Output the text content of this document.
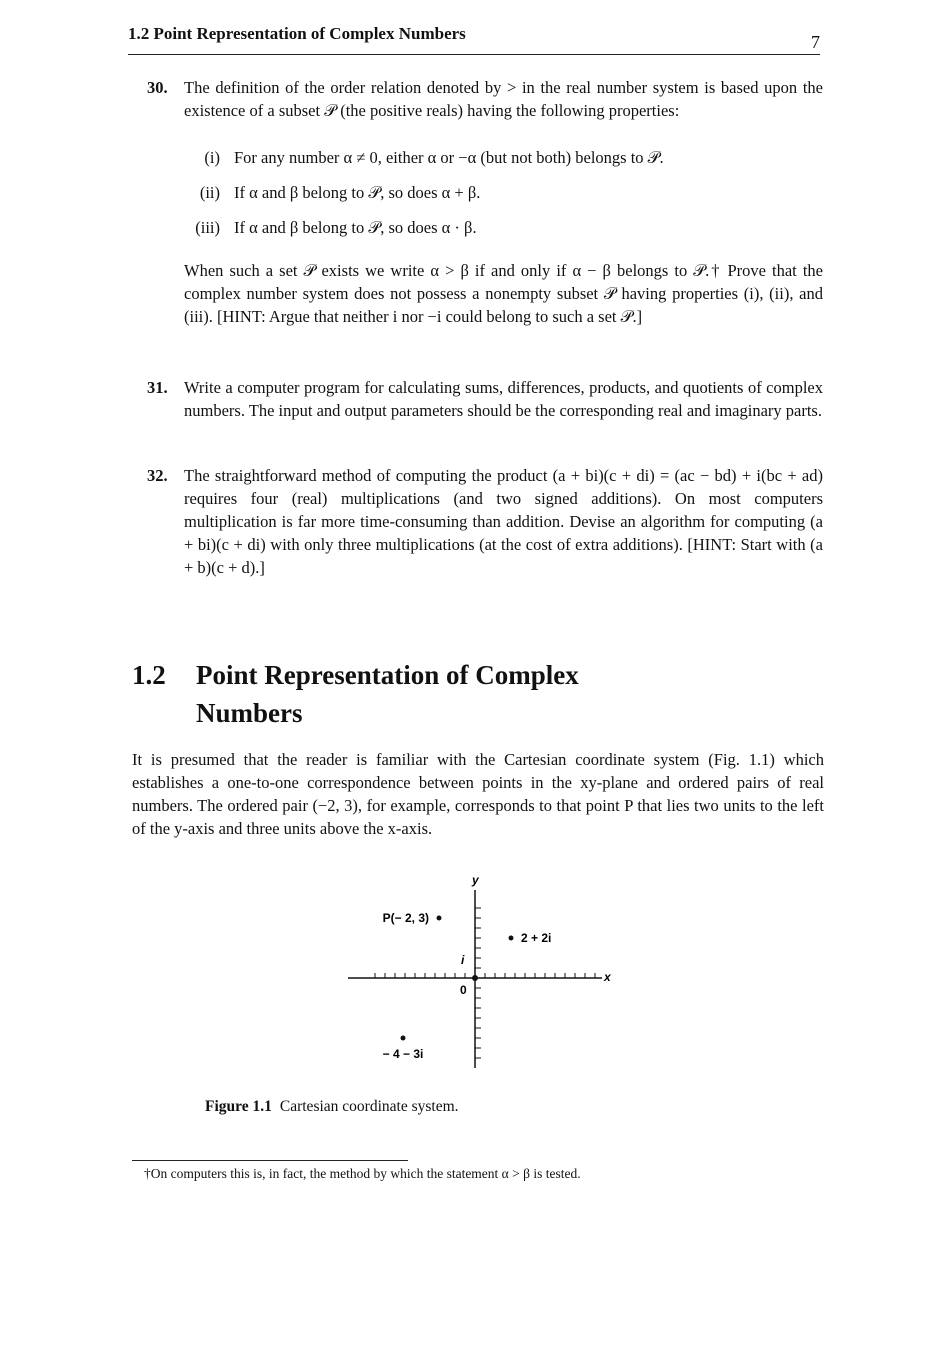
1.2 Point Representation of Complex Numbers	7
30. The definition of the order relation denoted by > in the real number system is based upon the existence of a subset 𝒫 (the positive reals) having the following properties:

(i) For any number α ≠ 0, either α or −α (but not both) belongs to 𝒫.
(ii) If α and β belong to 𝒫, so does α + β.
(iii) If α and β belong to 𝒫, so does α · β.

When such a set 𝒫 exists we write α > β if and only if α − β belongs to 𝒫.† Prove that the complex number system does not possess a nonempty subset 𝒫 having properties (i), (ii), and (iii). [HINT: Argue that neither i nor −i could belong to such a set 𝒫.]

31. Write a computer program for calculating sums, differences, products, and quotients of complex numbers. The input and output parameters should be the corresponding real and imaginary parts.

32. The straightforward method of computing the product (a + bi)(c + di) = (ac − bd) + i(bc + ad) requires four (real) multiplications (and two signed additions). On most computers multiplication is far more time-consuming than addition. Devise an algorithm for computing (a + bi)(c + di) with only three multiplications (at the cost of extra additions). [HINT: Start with (a + b)(c + d).]

1.2 Point Representation of Complex
Numbers
It is presumed that the reader is familiar with the Cartesian coordinate system (Fig. 1.1) which establishes a one-to-one correspondence between points in the xy-plane and ordered pairs of real numbers. The ordered pair (−2, 3), for example, corresponds to that point P that lies two units to the left of the y-axis and three units above the x-axis.
x
y
0
i
P(− 2, 3)
2 + 2i
− 4 − 3i
Figure 1.1 Cartesian coordinate system.
†On computers this is, in fact, the method by which the statement α > β is tested.
